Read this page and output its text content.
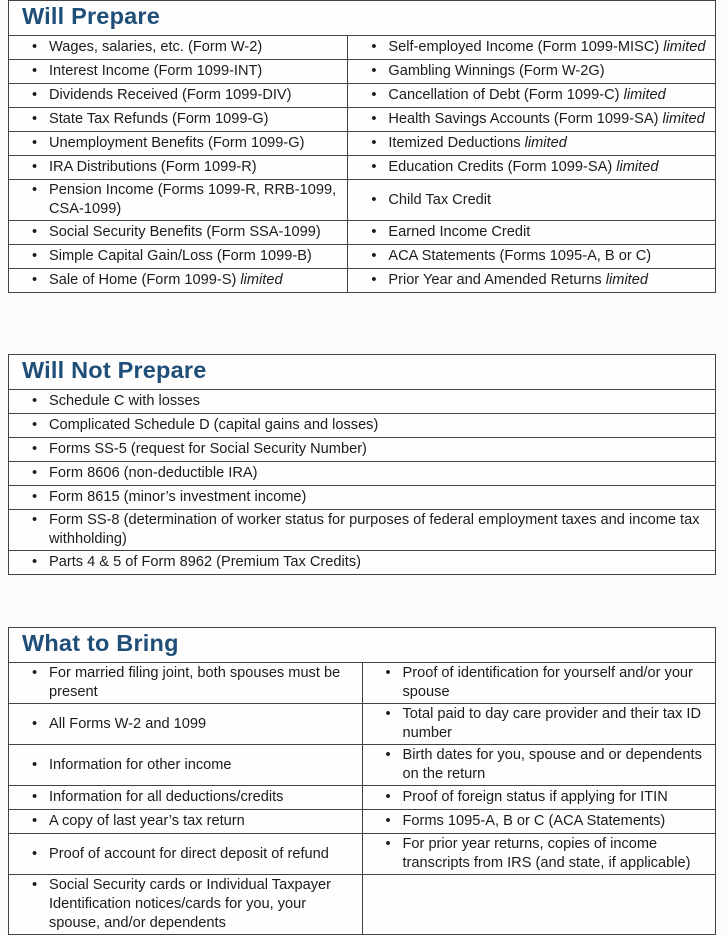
Will Prepare

• Wages, salaries, etc. (Form W-2)	• Self-employed Income (Form 1099-MISC) limited

• Interest Income (Form 1099-INT)	• Gambling Winnings (Form W-2G)

• Dividends Received (Form 1099-DIV)	• Cancellation of Debt (Form 1099-C) limited

• State Tax Refunds (Form 1099-G)	• Health Savings Accounts (Form 1099-SA) limited

• Unemployment Benefits (Form 1099-G)	• Itemized Deductions limited

• IRA Distributions (Form 1099-R)	• Education Credits (Form 1099-SA) limited

• Pension Income (Forms 1099-R, RRB-1099, CSA-1099)	• Child Tax Credit

• Social Security Benefits (Form SSA-1099)	• Earned Income Credit

• Simple Capital Gain/Loss (Form 1099-B)	• ACA Statements (Forms 1095-A, B or C)

• Sale of Home (Form 1099-S) limited	• Prior Year and Amended Returns limited
Will Not Prepare

• Schedule C with losses

• Complicated Schedule D (capital gains and losses)

• Forms SS-5 (request for Social Security Number)

• Form 8606 (non-deductible IRA)

• Form 8615 (minor’s investment income)

• Form SS-8 (determination of worker status for purposes of federal employment taxes and income tax withholding)

• Parts 4 & 5 of Form 8962 (Premium Tax Credits)
What to Bring

• For married filing joint, both spouses must be present	• Proof of identification for yourself and/or your spouse

• All Forms W-2 and 1099	• Total paid to day care provider and their tax ID number

• Information for other income	• Birth dates for you, spouse and or dependents on the return

• Information for all deductions/credits	• Proof of foreign status if applying for ITIN

• A copy of last year’s tax return	• Forms 1095-A, B or C (ACA Statements)

• Proof of account for direct deposit of refund	• For prior year returns, copies of income transcripts from IRS (and state, if applicable)

• Social Security cards or Individual Taxpayer Identification notices/cards for you, your spouse, and/or dependents
